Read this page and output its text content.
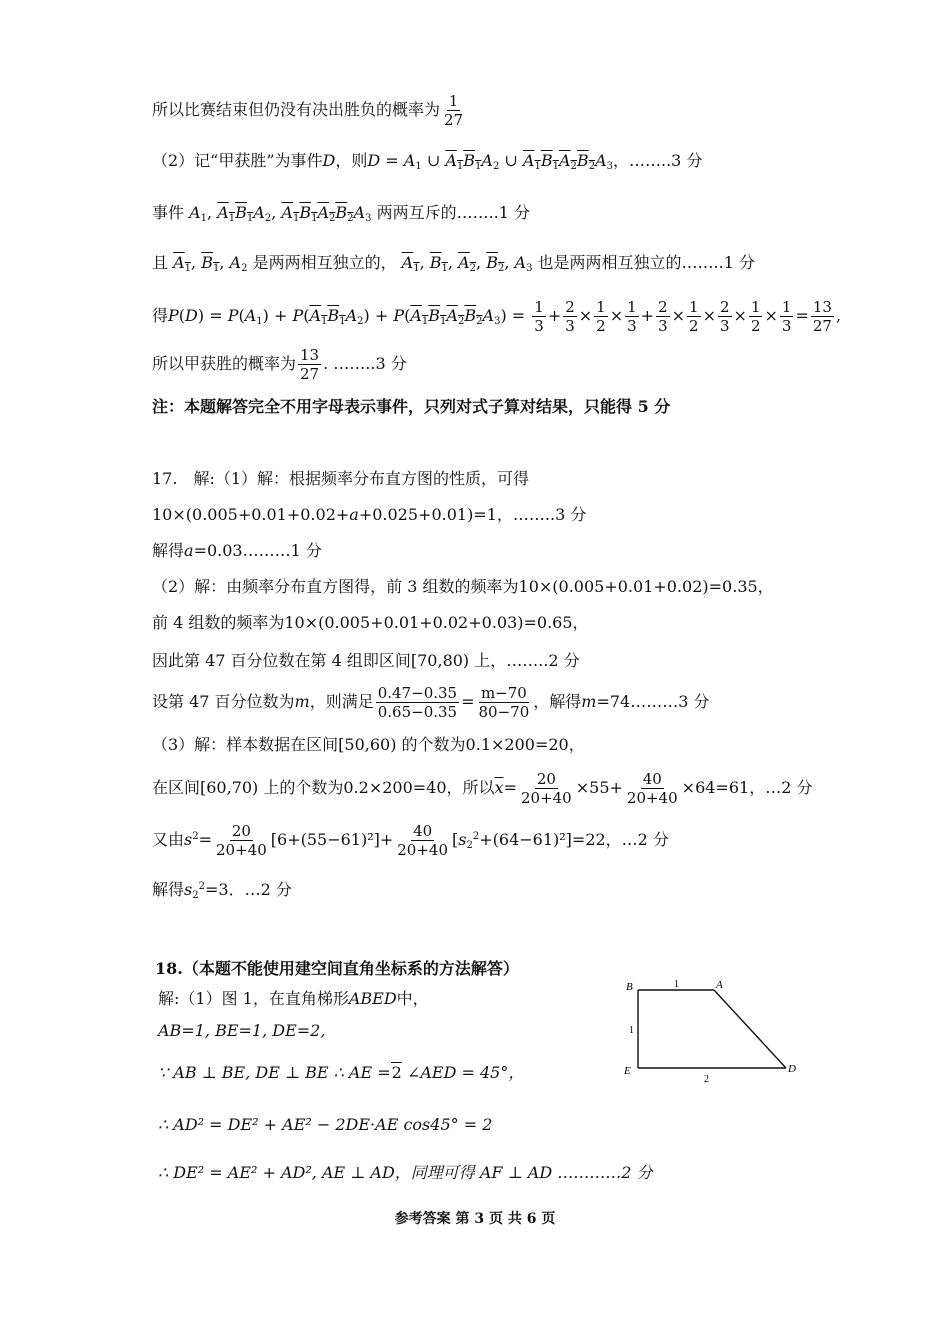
所以比赛结束但仍没有决出胜负的概率为 $\frac{1}{27}$
（2）记“甲获胜”为事件D，则$D = A_1$ ∪ $A_1B_1A_2$ ∪ $A_1B_1A_2B_2A_3$，……..3 分
事件 $A_1$, $A_1B_1A_2$, $A_1B_1A_2B_2A_3$ 两两互斥的……..1 分
且 $A_1$, $B_1$, $A_2$ 是两两相互独立的， $A_1$, $B_1$, $A_2$, $B_2$, $A_3$ 也是两两相互独立的……..1 分
得$P(D) = P(A_1) + P(A_1B_1A_2) + P(A_1B_1A_2B_2A_3) = \frac{1}{3} + \frac{2}{3} \times \frac{1}{2} \times \frac{1}{3} + \frac{2}{3} \times \frac{1}{2} \times \frac{2}{3} \times \frac{1}{2} \times \frac{1}{3} = \frac{13}{27}$ ,
所以甲获胜的概率为 $\frac{13}{27}$ . ……..3 分
注：本题解答完全不用字母表示事件，只列对式子算对结果，只能得 5 分
17.　解:（1）解：根据频率分布直方图的性质，可得
10×(0.005+0.01+0.02+a+0.025+0.01)=1，……..3 分
解得a=0.03………1 分
（2）解：由频率分布直方图得，前 3 组数的频率为10×(0.005+0.01+0.02)=0.35，
前 4 组数的频率为10×(0.005+0.01+0.02+0.03)=0.65，
因此第 47 百分位数在第 4 组即区间[70,80) 上，……..2 分
设第 47 百分位数为m，则满足 $\frac{0.47-0.35}{0.65-0.35} = \frac{m-70}{80-70}$ ，解得m=74………3 分
（3）解：样本数据在区间[50,60) 的个数为0.1×200=20，
在区间[60,70) 上的个数为0.2×200=40，所以$\overline{x}= \frac{20}{20+40} \times 55+ \frac{40}{20+40} \times 64=61$，…2 分
又由$s^2= \frac{20}{20+40} [6+(55-61)^2]+ \frac{40}{20+40} [s_2^2+(64-61)^2]=22$，…2 分
解得$s_2^2=3$．…2 分
18.（本题不能使用建空间直角坐标系的方法解答）
解:（1）图 1，在直角梯形ABED中，
AB=1, BE=1, DE=2,
∵ AB ⊥ BE, DE ⊥ BE ∴ AE =2 ∠AED = 45°，
∴ AD² = DE² + AE² − 2DE·AE cos45° = 2
∴ DE² = AE² + AD², AE ⊥ AD，同理可得 AF ⊥ AD …………2 分
B	A
E	D
1
1
2
参考答案 第 3 页 共 6 页
